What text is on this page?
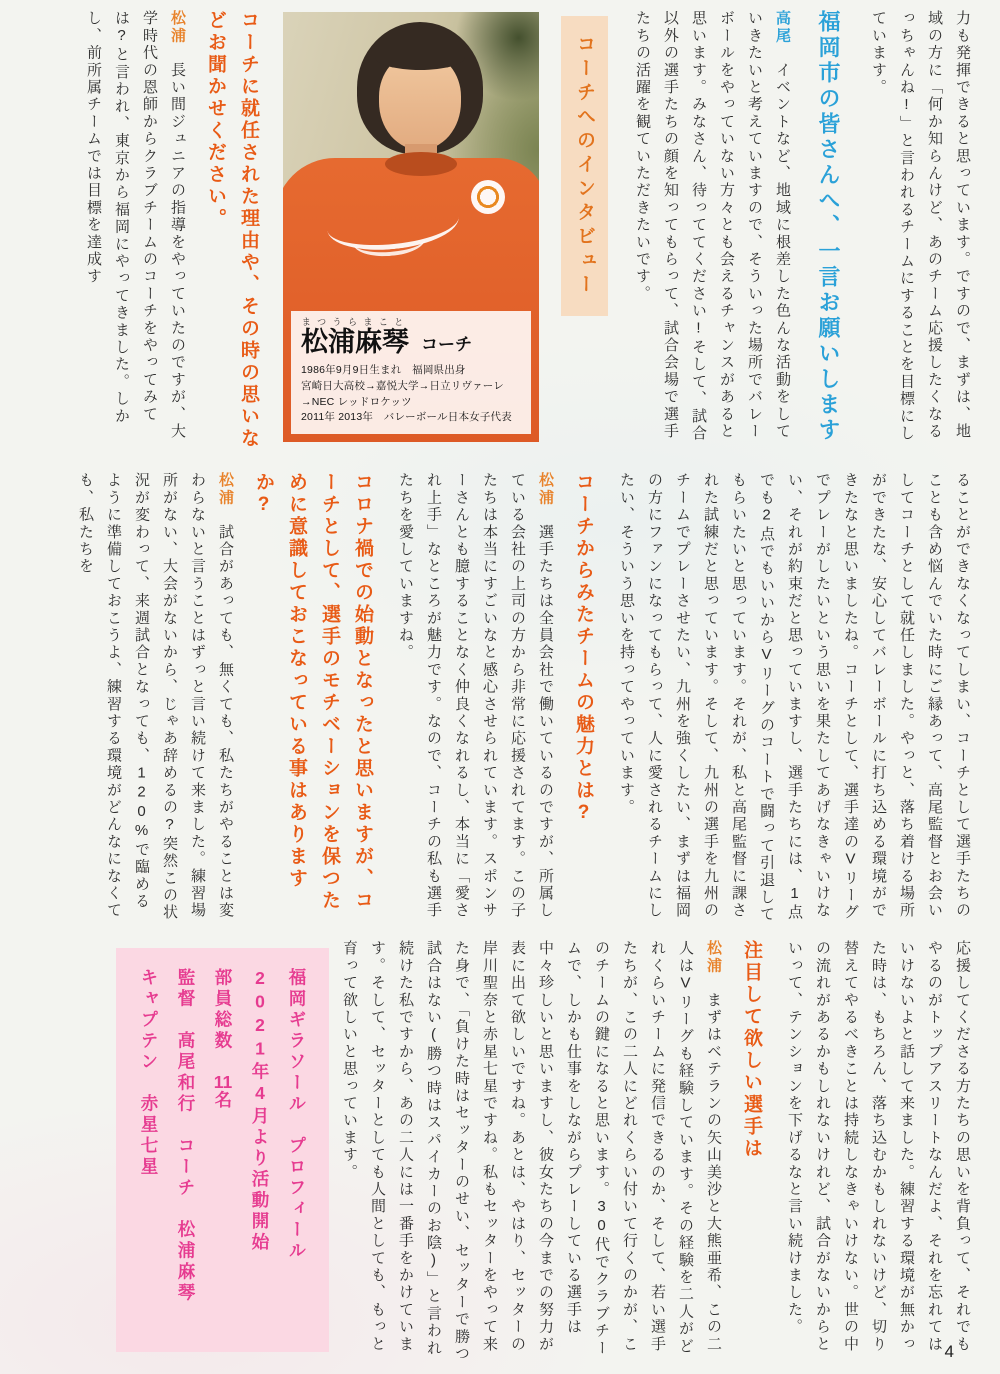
力も発揮できると思っています。ですので、まずは、地域の方に「何か知らんけど、あのチーム応援したくなるっちゃんね!」と言われるチームにすることを目標にしています。

福岡市の皆さんへ、一言お願いします

高尾　イベントなど、地域に根差した色んな活動をしていきたいと考えていますので、そういった場所でバレーボールをやっていない方々とも会えるチャンスがあると思います。みなさん、待っててください!そして、試合以外の選手たちの顔を知ってもらって、試合会場で選手たちの活躍を観ていただきたいです。

コーチへのインタビュー
松浦麻琴まつうらまこと
コーチ
1986年9月9日生まれ　福岡県出身
宮崎日大高校→嘉悦大学→日立リヴァーレ
→NEC レッドロケッツ
2011年 2013年　バレーボール日本女子代表
コーチに就任された理由や、その時の思いなどお聞かせください。

松浦　長い間ジュニアの指導をやっていたのですが、大学時代の恩師からクラブチームのコーチをやってみては?と言われ、東京から福岡にやってきました。しかし、前所属チームでは目標を達成す

ることができなくなってしまい、コーチとして選手たちのことも含め悩んでいた時にご縁あって、高尾監督とお会いしてコーチとして就任しました。やっと、落ち着ける場所ができたな、安心してバレーボールに打ち込める環境ができたなと思いましたね。コーチとして、選手達のVリーグでプレーがしたいという思いを果たしてあげなきゃいけない、それが約束だと思っていますし、選手たちには、1点でも2点でもいいからVリーグのコートで闘って引退してもらいたいと思っています。それが、私と高尾監督に課された試練だと思っています。そして、九州の選手を九州のチームでプレーさせたい、九州を強くしたい、まずは福岡の方にファンになってもらって、人に愛されるチームにしたい、そういう思いを持ってやっています。

コーチからみたチームの魅力とは?

松浦　選手たちは全員会社で働いているのですが、所属している会社の上司の方から非常に応援されてます。この子たちは本当にすごいなと感心させられています。スポンサーさんとも臆することなく仲良くなれるし、本当に「愛され上手」なところが魅力です。なので、コーチの私も選手たちを愛していますね。

コロナ禍での始動となったと思いますが、コーチとして、選手のモチベーションを保つために意識しておこなっている事はありますか?

松浦　試合があっても、無くても、私たちがやることは変わらないと言うことはずっと言い続けて来ました。練習場所がない、大会がないから、じゃあ辞めるの?突然この状況が変わって、来週試合となっても、120%で臨めるように準備しておこうよ、練習する環境がどんなになくても、私たちを

応援してくださる方たちの思いを背負って、それでもやるのがトップアスリートなんだよ、それを忘れてはいけないよと話して来ました。練習する環境が無かった時は、もちろん、落ち込むかもしれないけど、切り替えてやるべきことは持続しなきゃいけない。世の中の流れがあるかもしれないけれど、試合がないからといって、テンションを下げるなと言い続けました。

注目して欲しい選手は

松浦　まずはベテランの矢山美沙と大熊亜希、この二人はVリーグも経験しています。その経験を二人がどれくらいチームに発信できるのか、そして、若い選手たちが、この二人にどれくらい付いて行くのかが、このチームの鍵になると思います。30代でクラブチームで、しかも仕事をしながらプレーしている選手は中々珍しいと思いますし、彼女たちの今までの努力が表に出て欲しいですね。あとは、やはり、セッターの岸川聖奈と赤星七星ですね。私もセッターをやって来た身で、「負けた時はセッターのせい、セッターで勝つ試合はない(勝つ時はスパイカーのお陰)」と言われ続けた私ですから、あの二人には一番手をかけています。そして、セッターとしても人間としても、もっと育って欲しいと思っています。

福岡ギラソール　プロフィール
2021年4月より活動開始
部員総数　11名
監督　高尾和行　コーチ　松浦麻琴
キャプテン　赤星七星
4
